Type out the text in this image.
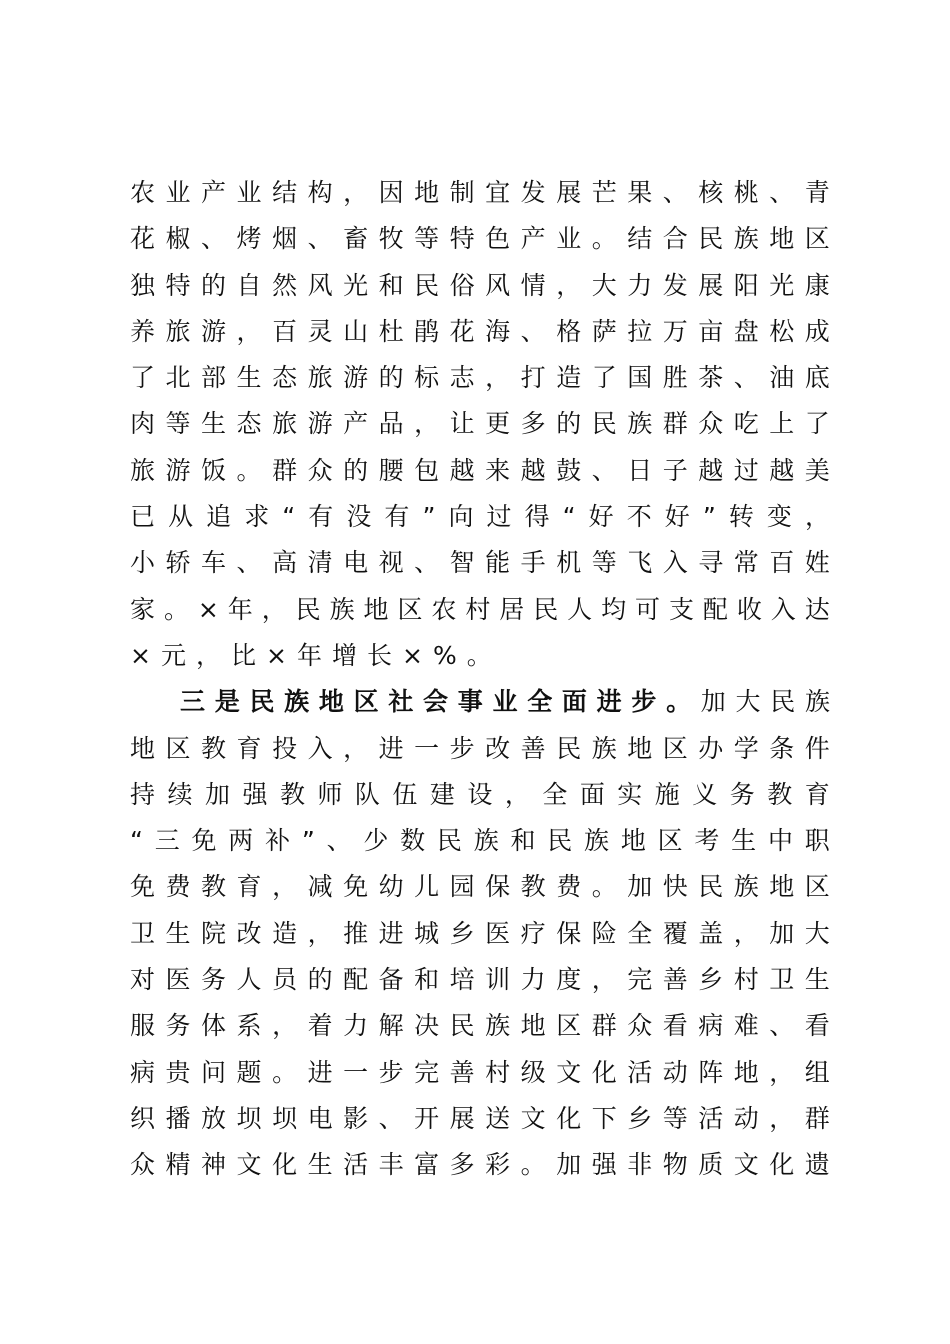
农 业 产 业 结 构 ， 因 地 制 宜 发 展 芒 果 、 核 桃 、 青
花 椒 、 烤 烟 、 畜 牧 等 特 色 产 业 。 结 合 民 族 地 区
独 特 的 自 然 风 光 和 民 俗 风 情 ， 大 力 发 展 阳 光 康
养 旅 游 ， 百 灵 山 杜 鹃 花 海 、 格 萨 拉 万 亩 盘 松 成
了 北 部 生 态 旅 游 的 标 志 ， 打 造 了 国 胜 茶 、 油 底
肉 等 生 态 旅 游 产 品 ， 让 更 多 的 民 族 群 众 吃 上 了
旅 游 饭 。 群 众 的 腰 包 越 来 越 鼓 、 日 子 越 过 越 美
已 从 追 求 “ 有 没 有 ” 向 过 得 “ 好 不 好 ” 转 变 ，
小 轿 车 、 高 清 电 视 、 智 能 手 机 等 飞 入 寻 常 百 姓
家 。 × 年 ， 民 族 地 区 农 村 居 民 人 均 可 支 配 收 入 达
× 元 ， 比 × 年 增 长 × % 。
三 是 民 族 地 区 社 会 事 业 全 面 进 步 。 加 大 民 族
地 区 教 育 投 入 ， 进 一 步 改 善 民 族 地 区 办 学 条 件
持 续 加 强 教 师 队 伍 建 设 ， 全 面 实 施 义 务 教 育
“ 三 免 两 补 ” 、 少 数 民 族 和 民 族 地 区 考 生 中 职
免 费 教 育 ， 减 免 幼 儿 园 保 教 费 。 加 快 民 族 地 区
卫 生 院 改 造 ， 推 进 城 乡 医 疗 保 险 全 覆 盖 ， 加 大
对 医 务 人 员 的 配 备 和 培 训 力 度 ， 完 善 乡 村 卫 生
服 务 体 系 ， 着 力 解 决 民 族 地 区 群 众 看 病 难 、 看
病 贵 问 题 。 进 一 步 完 善 村 级 文 化 活 动 阵 地 ， 组
织 播 放 坝 坝 电 影 、 开 展 送 文 化 下 乡 等 活 动 ， 群
众 精 神 文 化 生 活 丰 富 多 彩 。 加 强 非 物 质 文 化 遗
